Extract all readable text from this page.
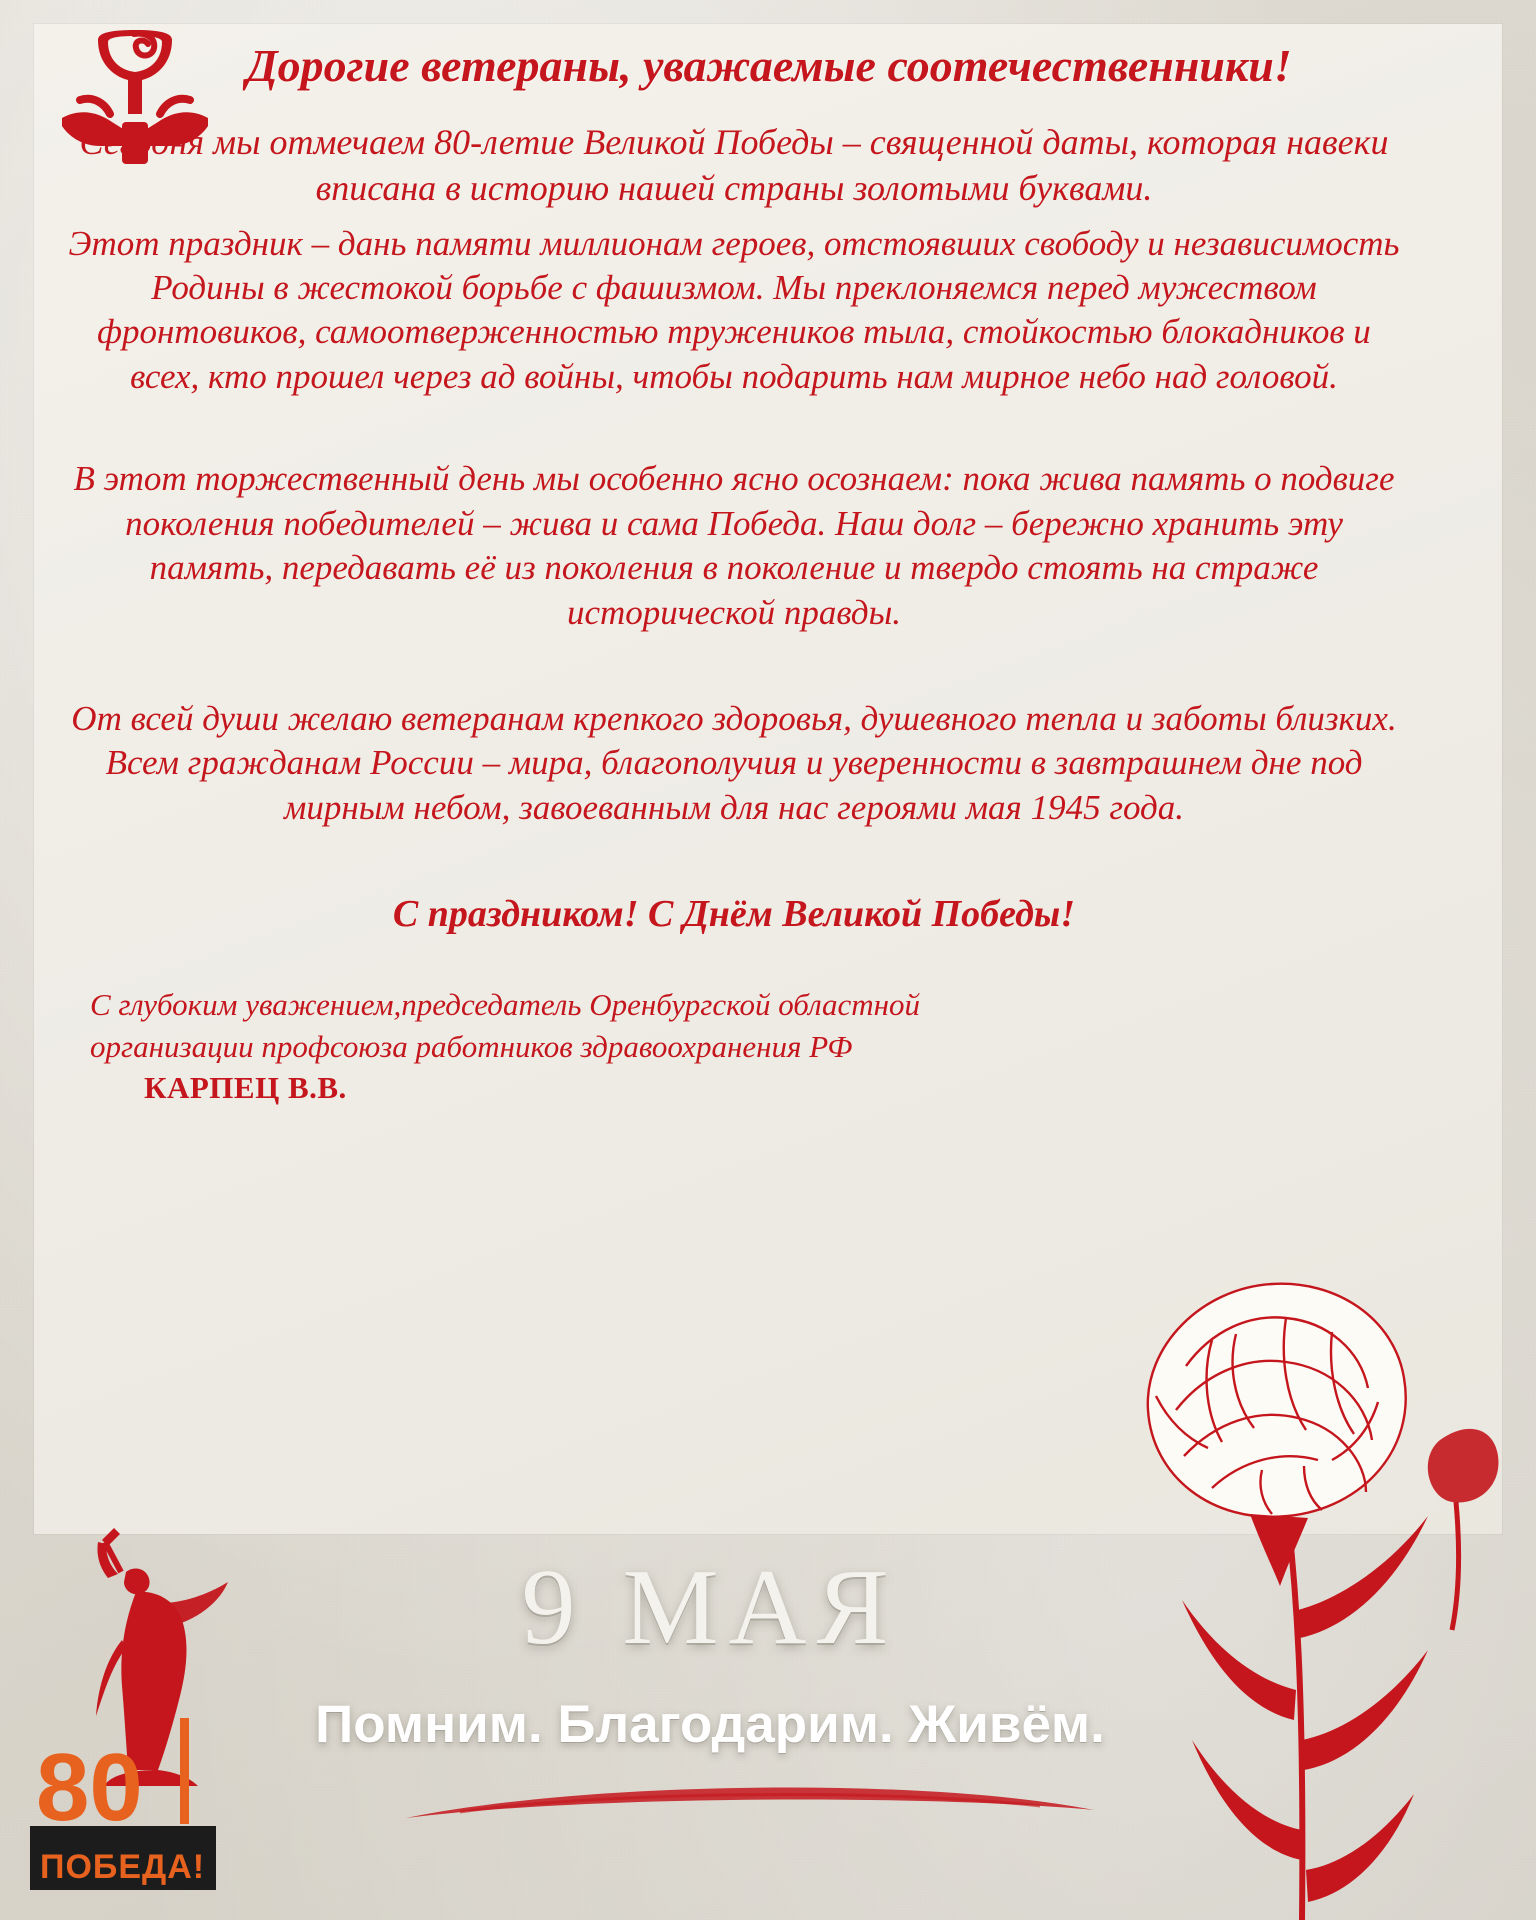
Дорогие ветераны, уважаемые соотечественники!

Сегодня мы отмечаем 80-летие Великой Победы – священной даты, которая навеки вписана в историю нашей страны золотыми буквами.

Этот праздник – дань памяти миллионам героев, отстоявших свободу и независимость Родины в жестокой борьбе с фашизмом. Мы преклоняемся перед мужеством фронтовиков, самоотверженностью тружеников тыла, стойкостью блокадников и всех, кто прошел через ад войны, чтобы подарить нам мирное небо над головой.

В этот торжественный день мы особенно ясно осознаем: пока жива память о подвиге поколения победителей – жива и сама Победа. Наш долг – бережно хранить эту память, передавать её из поколения в поколение и твердо стоять на страже исторической правды.

От всей души желаю ветеранам крепкого здоровья, душевного тепла и заботы близких. Всем гражданам России – мира, благополучия и уверенности в завтрашнем дне под мирным небом, завоеванным для нас героями мая 1945 года.

С праздником! С Днём Великой Победы!
С глубоким уважением,председатель Оренбургской областной организации профсоюза работников здравоохранения РФ КАРПЕЦ В.В.
9 МАЯ
Помним. Благодарим. Живём.
80
ПОБЕДА!
